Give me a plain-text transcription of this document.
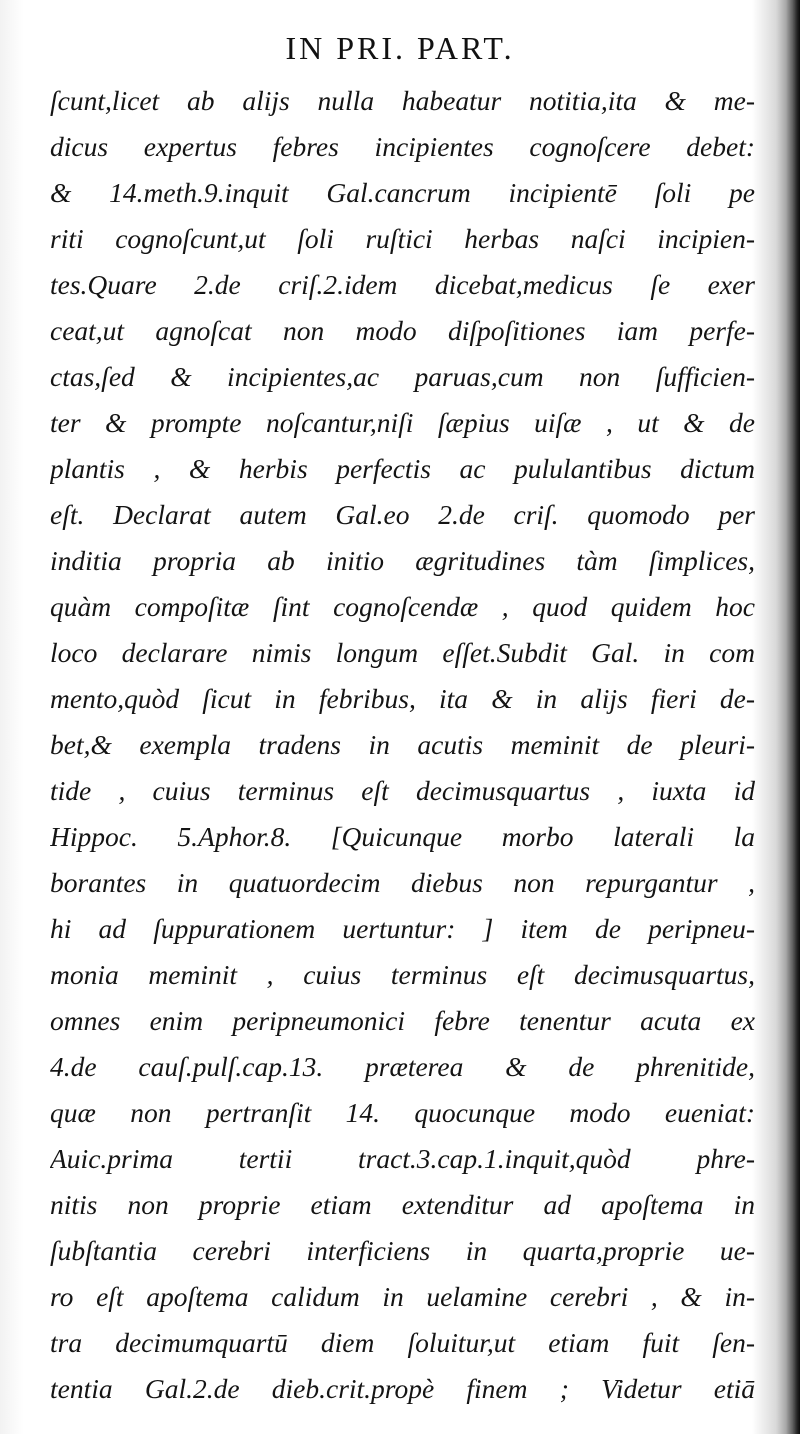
IN PRI. PART.
ſcunt,licet ab alijs nulla habeatur notitia,ita & me-
dicus expertus febres incipientes cognoſcere debet:
& 14.meth.9.inquit Gal.cancrum incipientē ſoli pe
riti cognoſcunt,ut ſoli ruſtici herbas naſci incipien-
tes.Quare 2.de criſ.2.idem dicebat,medicus ſe exer
ceat,ut agnoſcat non modo diſpoſitiones iam perfe-
ctas,ſed & incipientes,ac paruas,cum non ſufficien-
ter & prompte noſcantur,niſi ſæpius uiſæ , ut & de
plantis , & herbis perfectis ac pululantibus dictum
eſt. Declarat autem Gal.eo 2.de criſ. quomodo per
inditia propria ab initio ægritudines tàm ſimplices,
quàm compoſitæ ſint cognoſcendæ , quod quidem hoc
loco declarare nimis longum eſſet.Subdit Gal. in com
mento,quòd ſicut in febribus, ita & in alijs fieri de-
bet,& exempla tradens in acutis meminit de pleuri-
tide , cuius terminus eſt decimusquartus , iuxta id
Hippoc. 5.Aphor.8. [Quicunque morbo laterali la
borantes in quatuordecim diebus non repurgantur ,
hi ad ſuppurationem uertuntur: ] item de peripneu-
monia meminit , cuius terminus eſt decimusquartus,
omnes enim peripneumonici febre tenentur acuta ex
4.de cauſ.pulſ.cap.13. præterea & de phrenitide,
quæ non pertranſit 14. quocunque modo eueniat:
Auic.prima tertii tract.3.cap.1.inquit,quòd phre-
nitis non proprie etiam extenditur ad apoſtema in
ſubſtantia cerebri interficiens in quarta,proprie ue-
ro eſt apoſtema calidum in uelamine cerebri , & in-
tra decimumquartū diem ſoluitur,ut etiam fuit ſen-
tentia Gal.2.de dieb.crit.propè finem ; Videtur etiā
